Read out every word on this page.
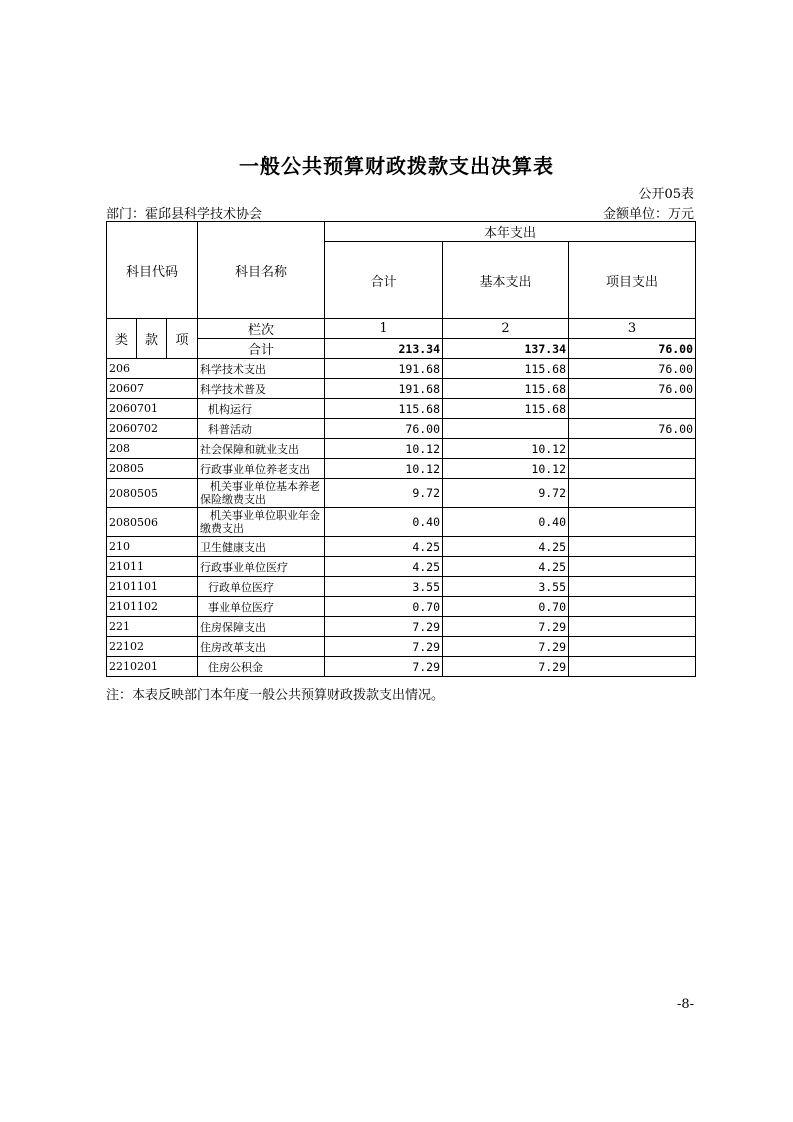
一般公共预算财政拨款支出决算表
公开05表
部门：霍邱县科学技术协会	金额单位：万元
科目代码			科目名称	本年支出		
				合计	基本支出	项目支出

类	款	项	栏次	1	2	3
			合计	213.34	137.34	76.00
206			科学技术支出	191.68	115.68	76.00
20607			科学技术普及	191.68	115.68	76.00
2060701			机构运行	115.68	115.68	
2060702			科普活动	76.00		76.00
208			社会保障和就业支出	10.12	10.12	
20805			行政事业单位养老支出	10.12	10.12	
2080505			机关事业单位基本养老保险缴费支出	9.72	9.72	
2080506			机关事业单位职业年金缴费支出	0.40	0.40	
210			卫生健康支出	4.25	4.25	
21011			行政事业单位医疗	4.25	4.25	
2101101			行政单位医疗	3.55	3.55	
2101102			事业单位医疗	0.70	0.70	
221			住房保障支出	7.29	7.29	
22102			住房改革支出	7.29	7.29	
2210201			住房公积金	7.29	7.29	
注：本表反映部门本年度一般公共预算财政拨款支出情况。
-8-
